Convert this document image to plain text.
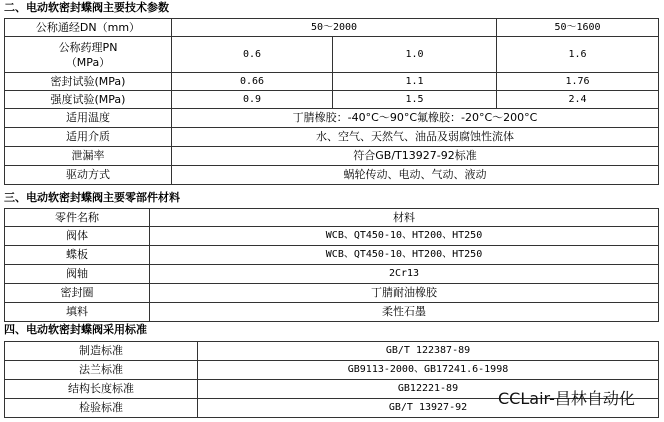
二、电动软密封蝶阀主要技术参数
公称通经DN（mm）	50～2000		50～1600
公称药理PN
（MPa）	0.6	1.0	1.6
密封试验(MPa)	0.66	1.1	1.76
强度试验(MPa)	0.9	1.5	2.4
适用温度	丁腈橡胶：-40°C～90°C氟橡胶：-20°C～200°C		
适用介质	水、空气、天然气、油品及弱腐蚀性流体		
泄漏率	符合GB/T13927-92标准		
驱动方式	蜗轮传动、电动、气动、液动		
三、电动软密封蝶阀主要零部件材料
零件名称	材料
阀体	WCB、QT450-10、HT200、HT250
蝶板	WCB、QT450-10、HT200、HT250
阀轴	2Cr13
密封圈	丁腈耐油橡胶
填料	柔性石墨
四、电动软密封蝶阀采用标准
制造标准	GB/T 122387-89
法兰标准	GB9113-2000、GB17241.6-1998
结构长度标准	GB12221-89
检验标准	GB/T 13927-92 CCLair-昌林自动化
